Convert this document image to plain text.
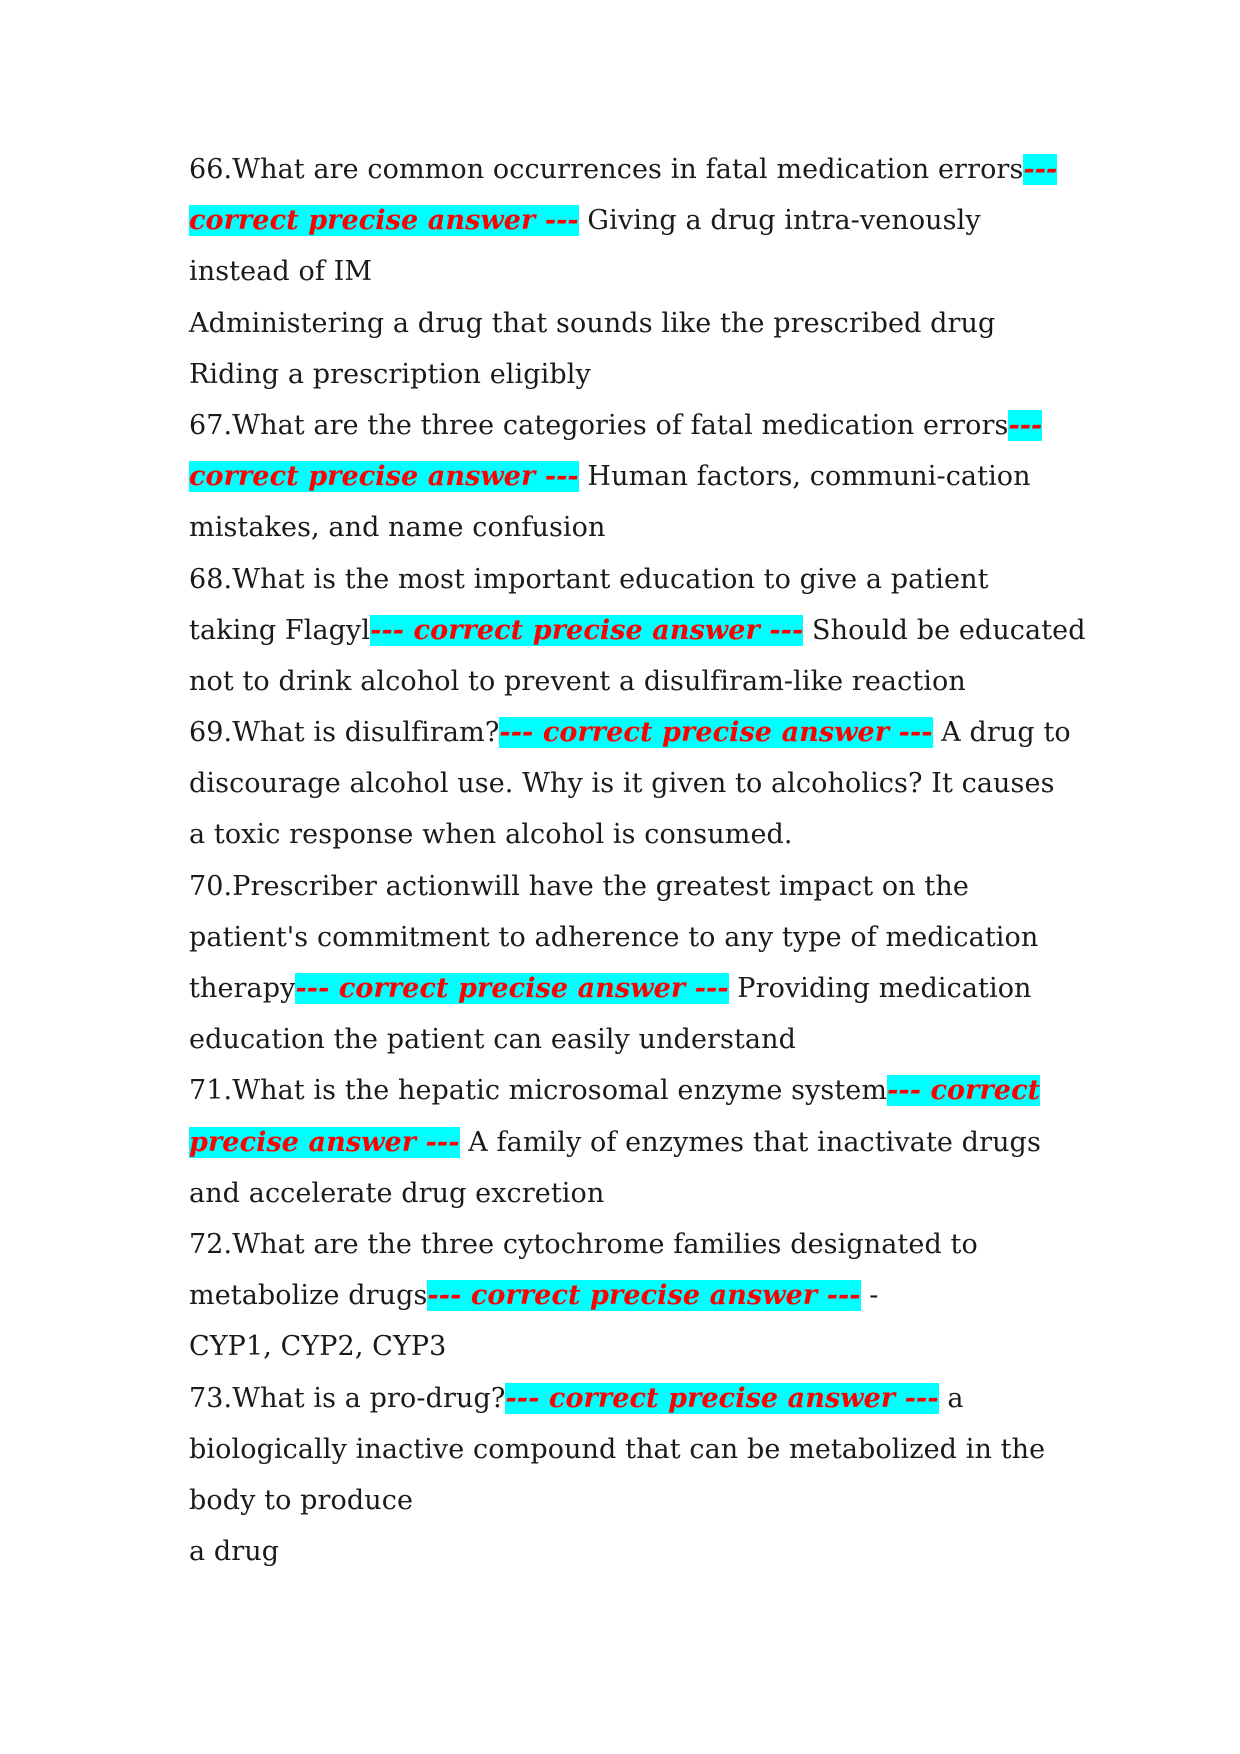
66.What are common occurrences in fatal medication errors---
correct precise answer --- Giving a drug intra-venously
instead of IM
Administering a drug that sounds like the prescribed drug
Riding a prescription eligibly
67.What are the three categories of fatal medication errors---
correct precise answer --- Human factors, communi-cation
mistakes, and name confusion
68.What is the most important education to give a patient
taking Flagyl--- correct precise answer --- Should be educated
not to drink alcohol to prevent a disulfiram-like reaction
69.What is disulfiram?--- correct precise answer --- A drug to
discourage alcohol use. Why is it given to alcoholics? It causes
a toxic response when alcohol is consumed.
70.Prescriber actionwill have the greatest impact on the
patient's commitment to adherence to any type of medication
therapy--- correct precise answer --- Providing medication
education the patient can easily understand
71.What is the hepatic microsomal enzyme system--- correct
precise answer --- A family of enzymes that inactivate drugs
and accelerate drug excretion
72.What are the three cytochrome families designated to
metabolize drugs--- correct precise answer --- -
CYP1, CYP2, CYP3
73.What is a pro-drug?--- correct precise answer --- a
biologically inactive compound that can be metabolized in the
body to produce
a drug
